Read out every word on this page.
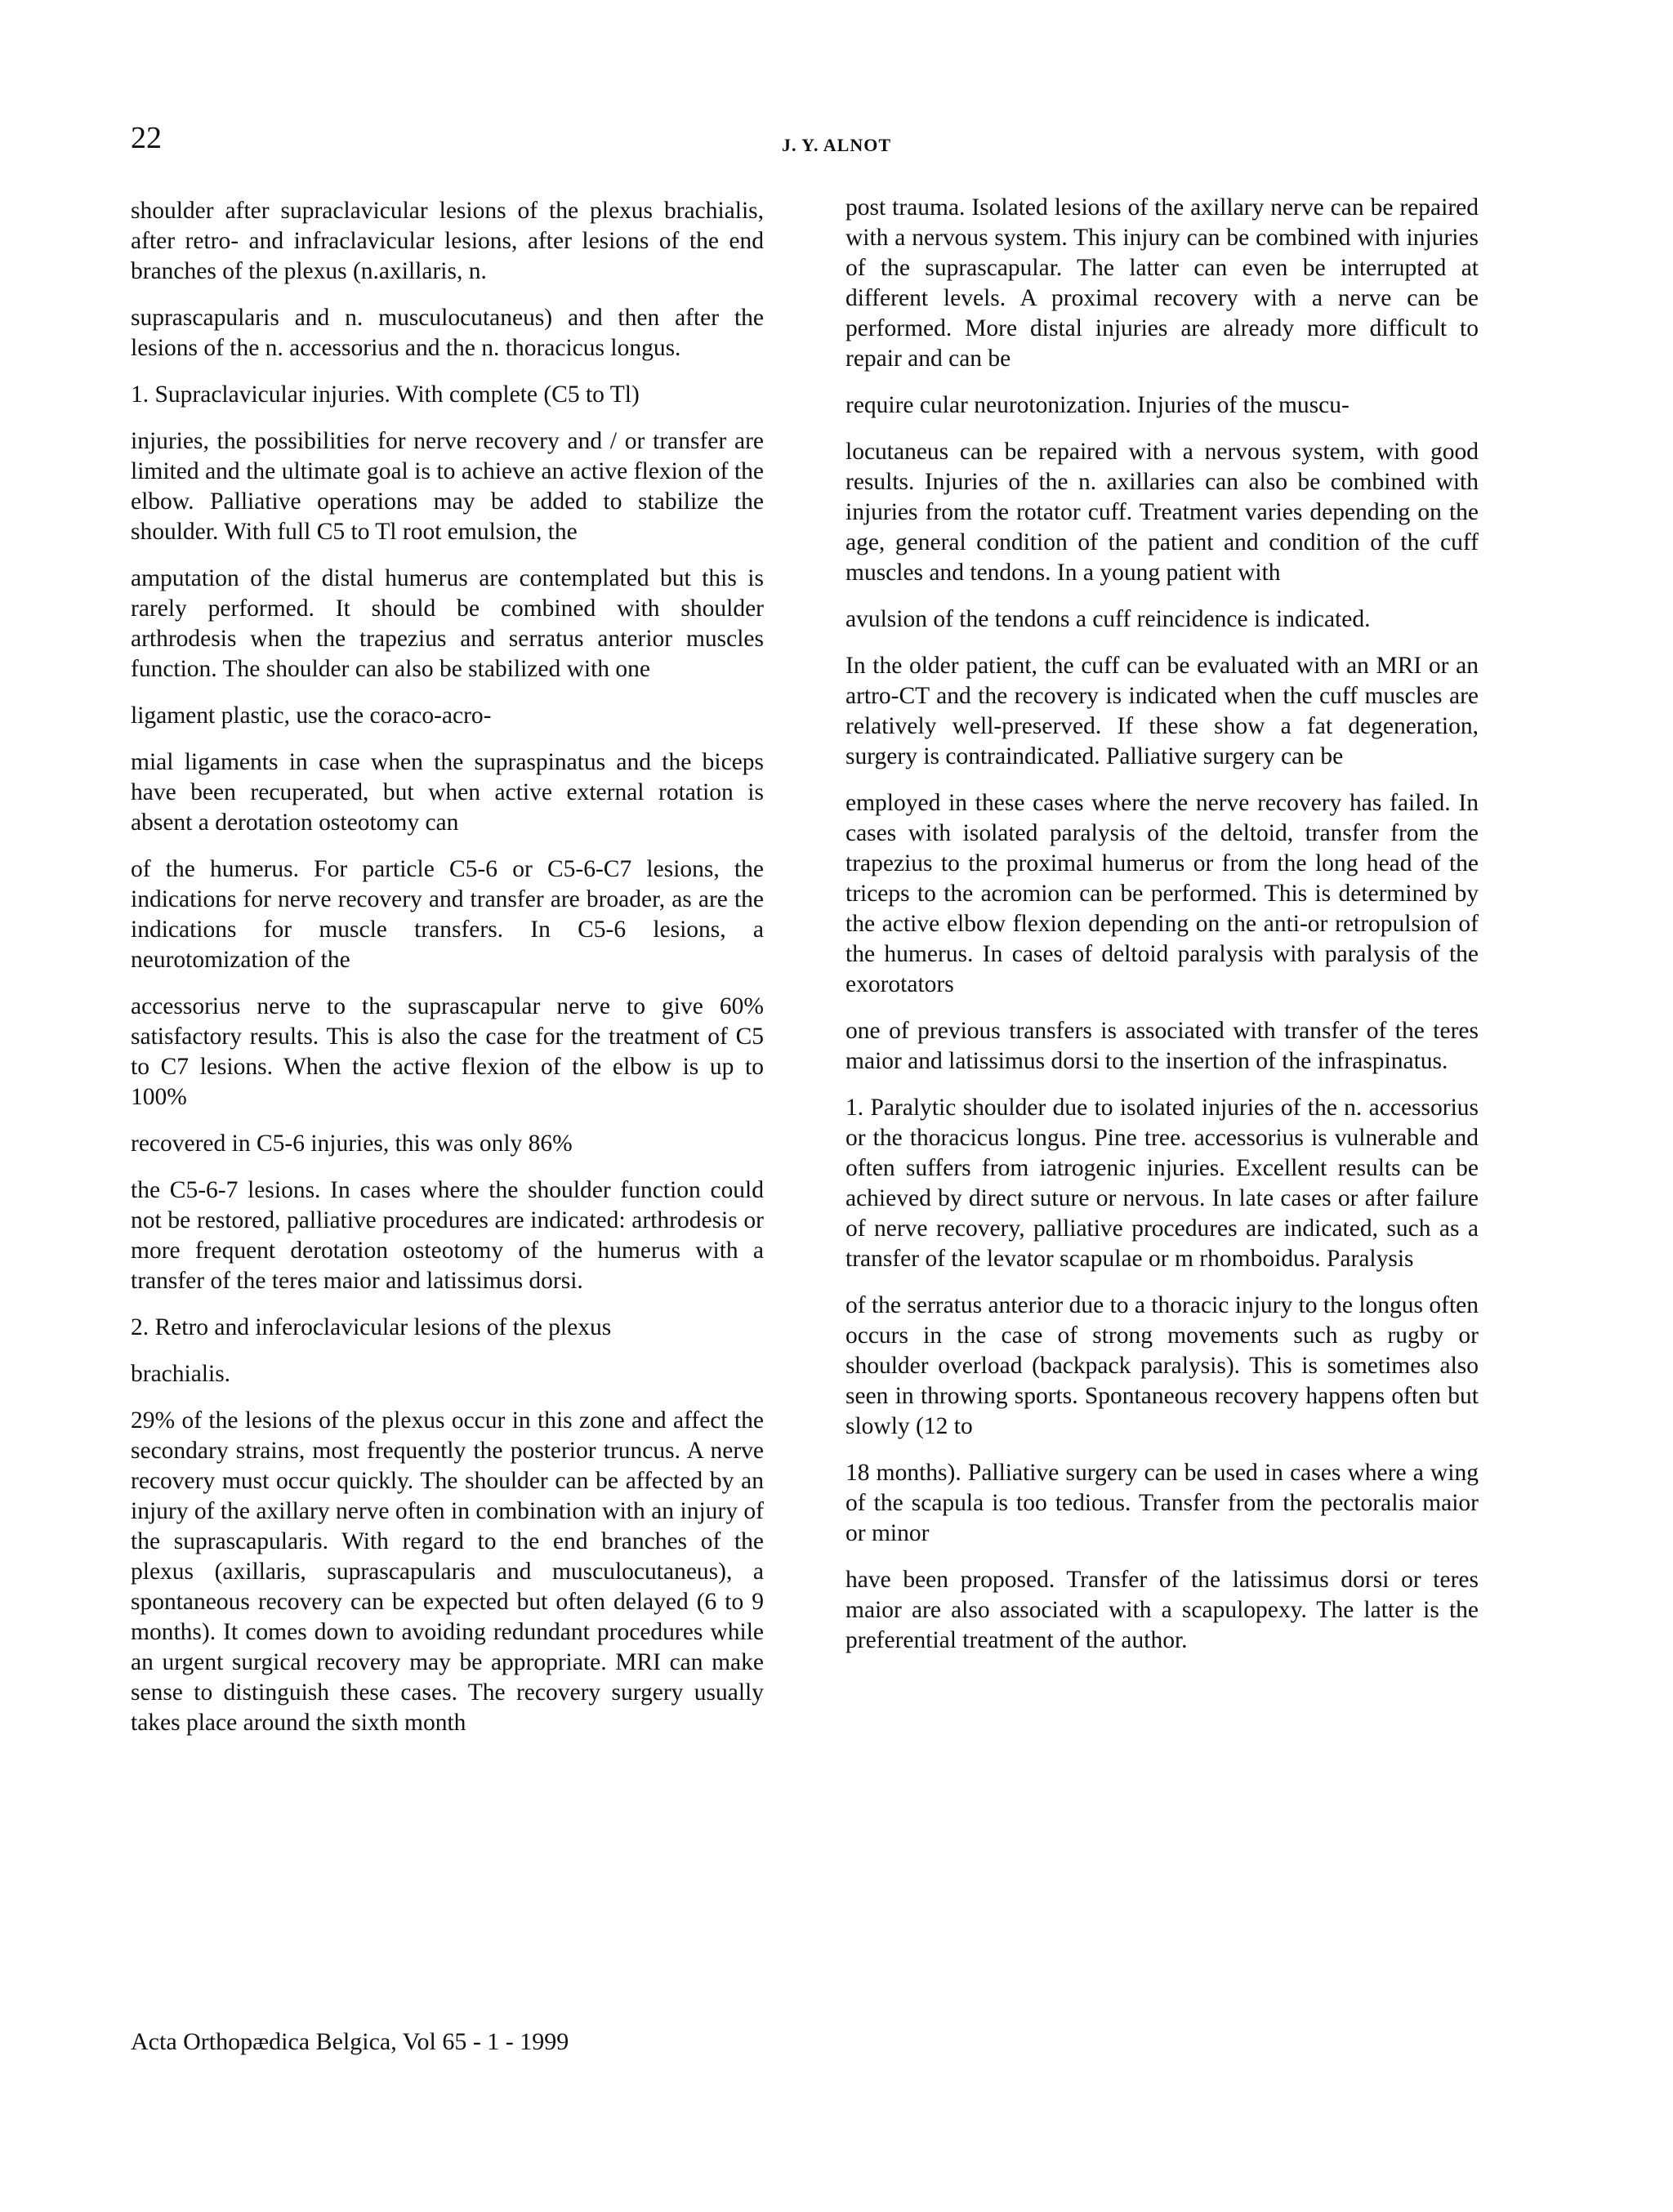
22	J. Y. ALNOT

shoulder after supraclavicular lesions of the plexus brachialis, after retro- and infraclavicular lesions, after lesions of the end branches of the plexus (n.axillaris, n.

suprascapularis and n. musculocutaneus) and then after the lesions of the n. accessorius and the n. thoracicus longus.

1. Supraclavicular injuries. With complete (C5 to Tl)

injuries, the possibilities for nerve recovery and / or transfer are limited and the ultimate goal is to achieve an active flexion of the elbow. Palliative operations may be added to stabilize the shoulder. With full C5 to Tl root emulsion, the

amputation of the distal humerus are contemplated but this is rarely performed. It should be combined with shoulder arthrodesis when the trapezius and serratus anterior muscles function. The shoulder can also be stabilized with one

ligament plastic, use the coraco-acro-

mial ligaments in case when the supraspinatus and the biceps have been recuperated, but when active external rotation is absent a derotation osteotomy can

of the humerus. For particle C5-6 or C5-6-C7 lesions, the indications for nerve recovery and transfer are broader, as are the indications for muscle transfers. In C5-6 lesions, a neurotomization of the

accessorius nerve to the suprascapular nerve to give 60% satisfactory results. This is also the case for the treatment of C5 to C7 lesions. When the active flexion of the elbow is up to 100%

recovered in C5-6 injuries, this was only 86%

the C5-6-7 lesions. In cases where the shoulder function could not be restored, palliative procedures are indicated: arthrodesis or more frequent derotation osteotomy of the humerus with a transfer of the teres maior and latissimus dorsi.

2. Retro and inferoclavicular lesions of the plexus

brachialis.

29% of the lesions of the plexus occur in this zone and affect the secondary strains, most frequently the posterior truncus. A nerve recovery must occur quickly. The shoulder can be affected by an injury of the axillary nerve often in combination with an injury of the suprascapularis. With regard to the end branches of the plexus (axillaris, suprascapularis and musculocutaneus), a spontaneous recovery can be expected but often delayed (6 to 9 months). It comes down to avoiding redundant procedures while an urgent surgical recovery may be appropriate. MRI can make sense to distinguish these cases. The recovery surgery usually takes place around the sixth month

post trauma. Isolated lesions of the axillary nerve can be repaired with a nervous system. This injury can be combined with injuries of the suprascapular. The latter can even be interrupted at different levels. A proximal recovery with a nerve can be performed. More distal injuries are already more difficult to repair and can be

require cular neurotonization. Injuries of the muscu-

locutaneus can be repaired with a nervous system, with good results. Injuries of the n. axillaries can also be combined with injuries from the rotator cuff. Treatment varies depending on the age, general condition of the patient and condition of the cuff muscles and tendons. In a young patient with

avulsion of the tendons a cuff reincidence is indicated.

In the older patient, the cuff can be evaluated with an MRI or an artro-CT and the recovery is indicated when the cuff muscles are relatively well-preserved. If these show a fat degeneration, surgery is contraindicated. Palliative surgery can be

employed in these cases where the nerve recovery has failed. In cases with isolated paralysis of the deltoid, transfer from the trapezius to the proximal humerus or from the long head of the triceps to the acromion can be performed. This is determined by the active elbow flexion depending on the anti-or retropulsion of the humerus. In cases of deltoid paralysis with paralysis of the exorotators

one of previous transfers is associated with transfer of the teres maior and latissimus dorsi to the insertion of the infraspinatus.

1. Paralytic shoulder due to isolated injuries of the n. accessorius or the thoracicus longus. Pine tree. accessorius is vulnerable and often suffers from iatrogenic injuries. Excellent results can be achieved by direct suture or nervous. In late cases or after failure of nerve recovery, palliative procedures are indicated, such as a transfer of the levator scapulae or m rhomboidus. Paralysis

of the serratus anterior due to a thoracic injury to the longus often occurs in the case of strong movements such as rugby or shoulder overload (backpack paralysis). This is sometimes also seen in throwing sports. Spontaneous recovery happens often but slowly (12 to

18 months). Palliative surgery can be used in cases where a wing of the scapula is too tedious. Transfer from the pectoralis maior or minor

have been proposed. Transfer of the latissimus dorsi or teres maior are also associated with a scapulopexy. The latter is the preferential treatment of the author.

Acta Orthopædica Belgica, Vol 65 - 1 - 1999
